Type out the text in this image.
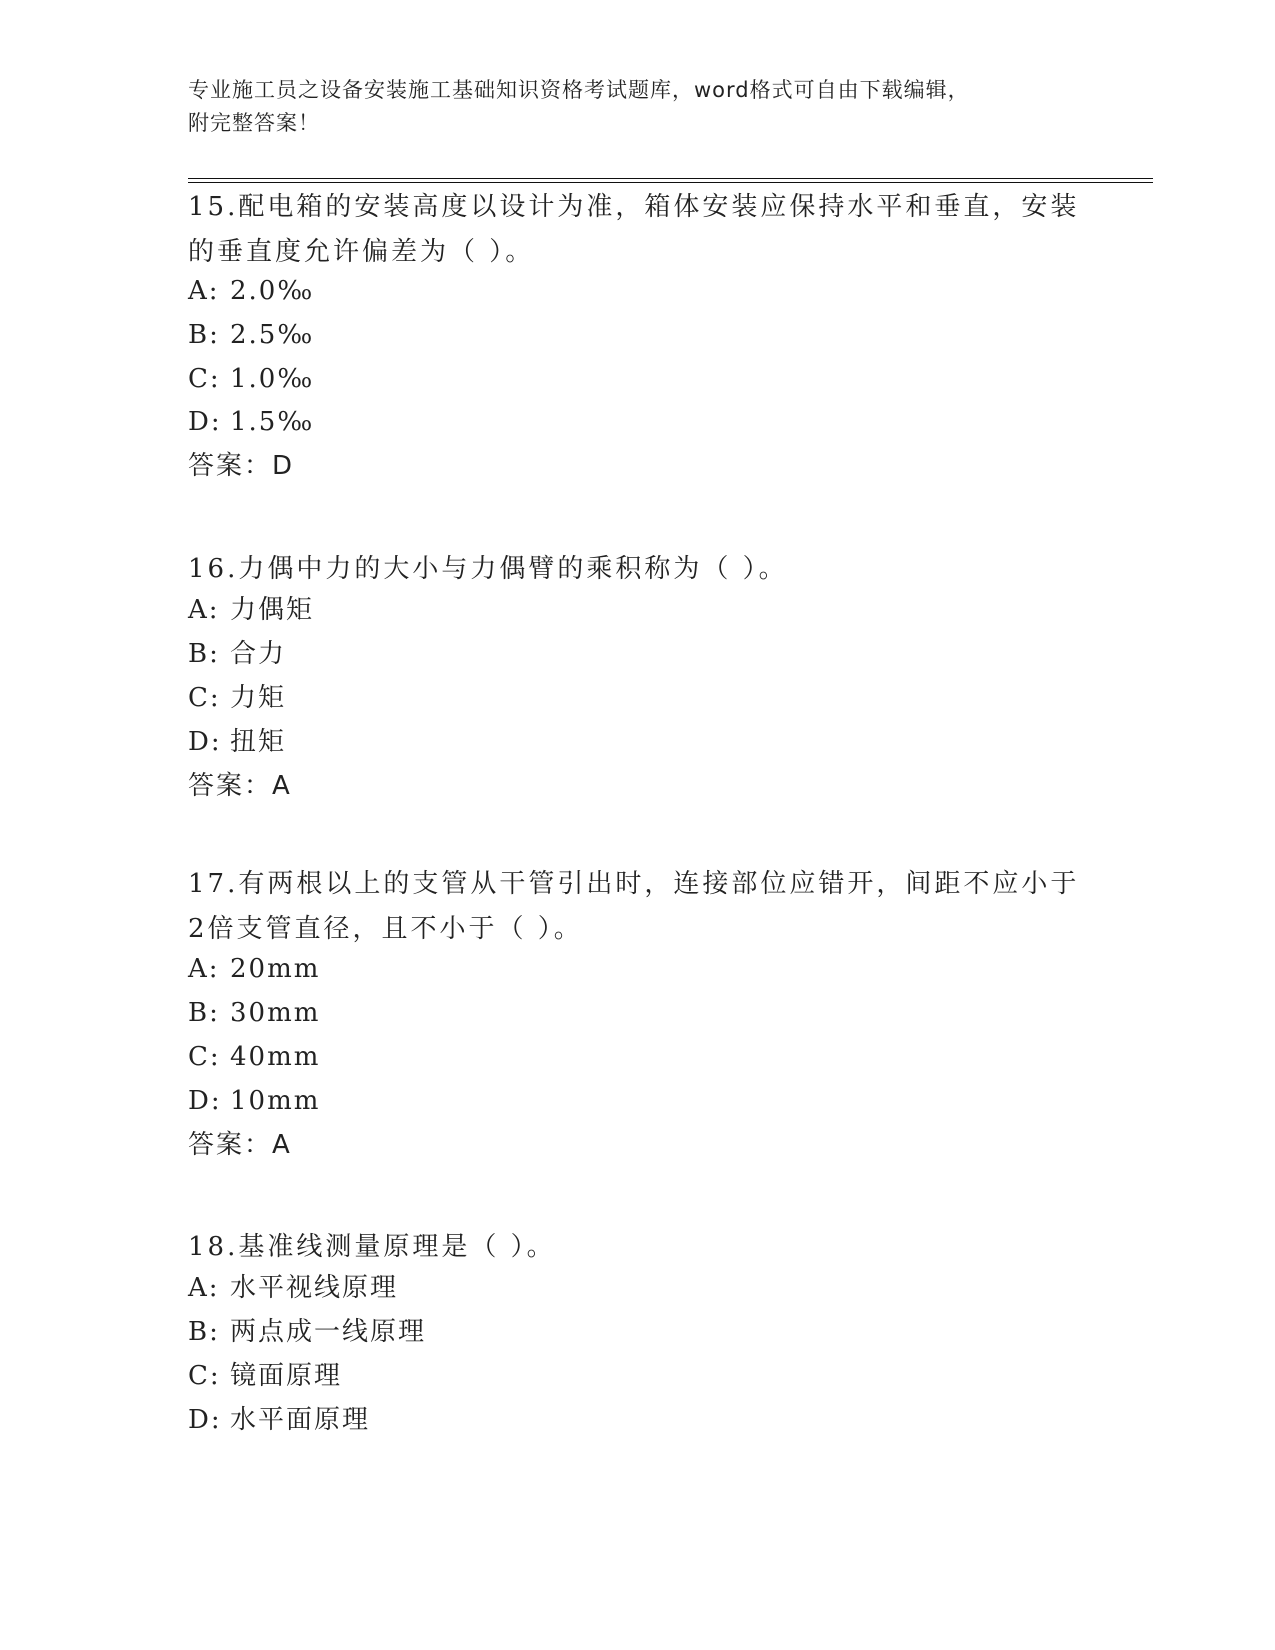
专业施工员之设备安装施工基础知识资格考试题库，word格式可自由下载编辑，
附完整答案！

15.配电箱的安装高度以设计为准，箱体安装应保持水平和垂直，安装的垂直度允许偏差为（ ）。

A: 2.0‰
B: 2.5‰
C: 1.0‰
D: 1.5‰
答案：D

16.力偶中力的大小与力偶臂的乘积称为（ ）。

A: 力偶矩
B: 合力
C: 力矩
D: 扭矩
答案：A

17.有两根以上的支管从干管引出时，连接部位应错开，间距不应小于2倍支管直径，且不小于（ ）。

A: 20mm
B: 30mm
C: 40mm
D: 10mm
答案：A

18.基准线测量原理是（ ）。

A: 水平视线原理
B: 两点成一线原理
C: 镜面原理
D: 水平面原理
